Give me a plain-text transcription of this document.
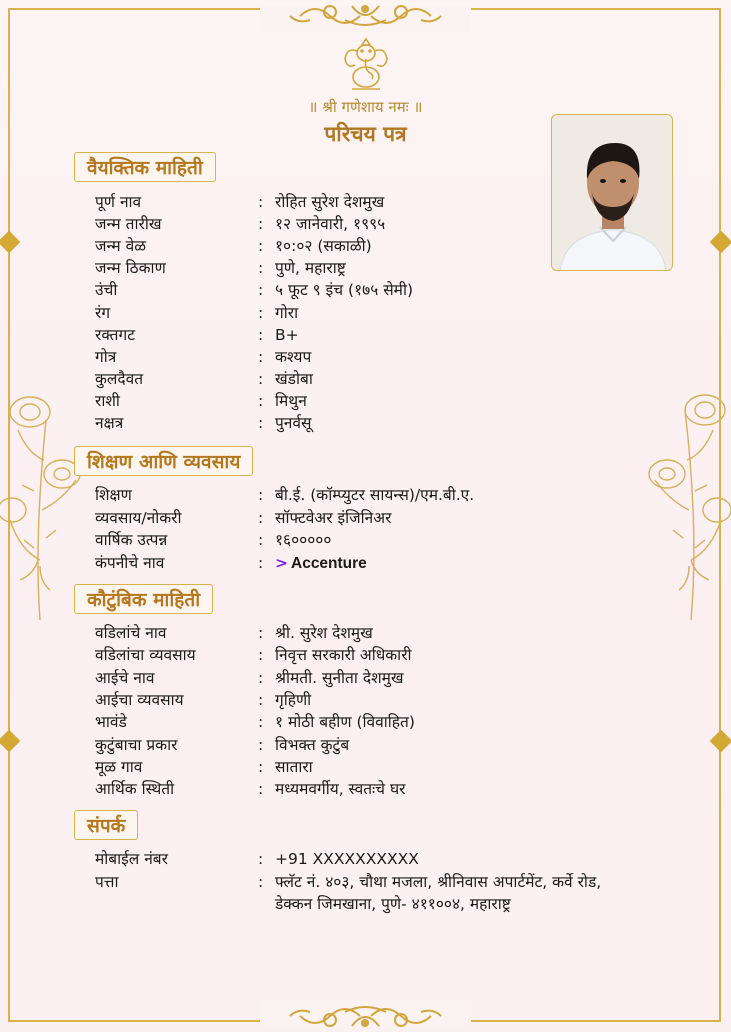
॥ श्री गणेशाय नमः ॥
परिचय पत्र
वैयक्तिक माहिती
पूर्ण नाव	: रोहित सुरेश देशमुख
जन्म तारीख	: १२ जानेवारी, १९९५
जन्म वेळ	: १०:०२ (सकाळी)
जन्म ठिकाण	: पुणे, महाराष्ट्र
उंची	: ५ फूट ९ इंच (१७५ सेमी)
रंग	: गोरा
रक्तगट	: B+
गोत्र	: कश्यप
कुलदैवत	: खंडोबा
राशी	: मिथुन
नक्षत्र	: पुनर्वसू
शिक्षण आणि व्यवसाय
शिक्षण	: बी.ई. (कॉम्प्युटर सायन्स)/एम.बी.ए.
व्यवसाय/नोकरी	: सॉफ्टवेअर इंजिनिअर
वार्षिक उत्पन्न	: १६०००००
कंपनीचे नाव	: > Accenture
कौटुंबिक माहिती
वडिलांचे नाव	: श्री. सुरेश देशमुख
वडिलांचा व्यवसाय	: निवृत्त सरकारी अधिकारी
आईचे नाव	: श्रीमती. सुनीता देशमुख
आईचा व्यवसाय	: गृहिणी
भावंडे	: १ मोठी बहीण (विवाहित)
कुटुंबाचा प्रकार	: विभक्त कुटुंब
मूळ गाव	: सातारा
आर्थिक स्थिती	: मध्यमवर्गीय, स्वतःचे घर
संपर्क
मोबाईल नंबर	: +91 XXXXXXXXXX
पत्ता	: फ्लॅट नं. ४०३, चौथा मजला, श्रीनिवास अपार्टमेंट, कर्वे रोड,
डेक्कन जिमखाना, पुणे- ४११००४, महाराष्ट्र
